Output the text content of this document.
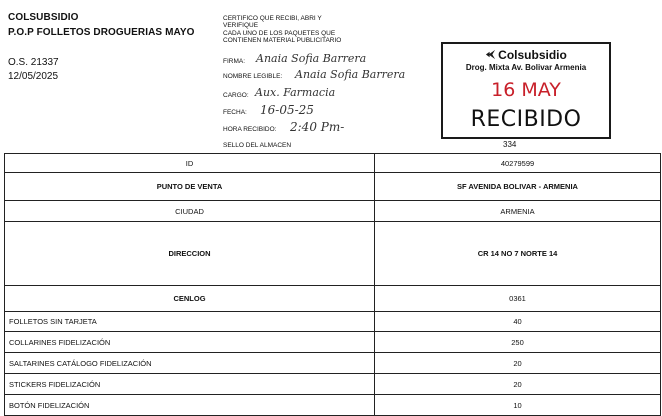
COLSUBSIDIO
P.O.P FOLLETOS DROGUERIAS MAYO
O.S. 21337
12/05/2025
CERTIFICO QUE RECIBI, ABRI Y
VERIFIQUE
CADA UNO DE LOS PAQUETES QUE
CONTIENEN MATERIAL PUBLICITARIO
FIRMA: Anaia Sofia Barrera
NOMBRE LEGIBLE: Anaia Sofia Barrera
CARGO: Aux. Farmacia
FECHA: 16-05-25
HORA RECIBIDO: 2:40 Pm-
SELLO DEL ALMACEN	334
Colsubsidio
Drog. Mixta Av. Bolivar Armenia
16 MAY
RECIBIDO
ID	40279599
PUNTO DE VENTA	SF AVENIDA BOLIVAR - ARMENIA
CIUDAD	ARMENIA
DIRECCION	CR 14 NO 7 NORTE 14
CENLOG	0361
FOLLETOS SIN TARJETA	40
COLLARINES FIDELIZACIÓN	250
SALTARINES CATÁLOGO FIDELIZACIÓN	20
STICKERS FIDELIZACIÓN	20
BOTÓN FIDELIZACIÓN	10
